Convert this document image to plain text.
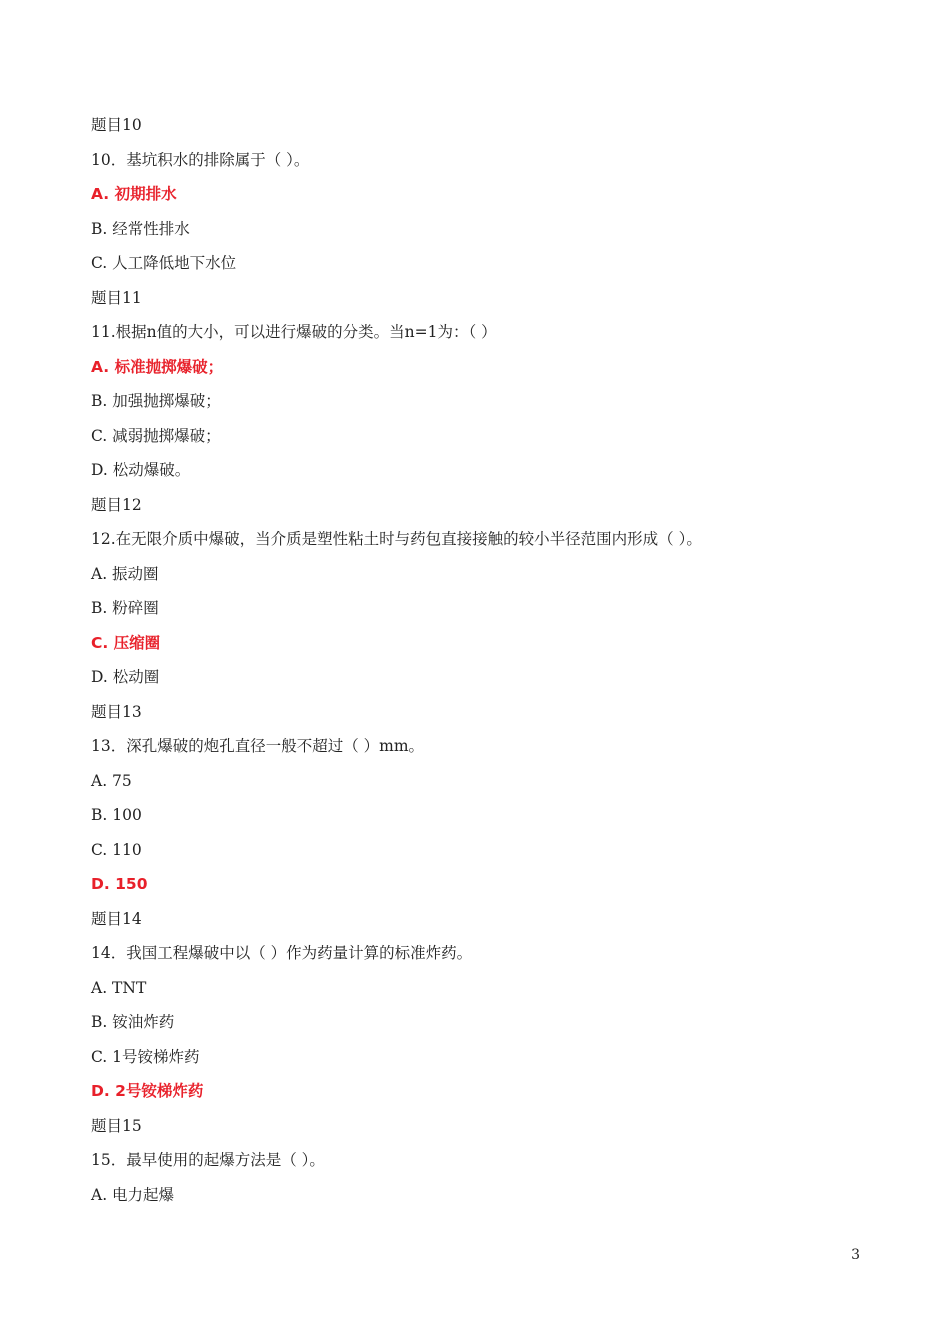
题目10
10．基坑积水的排除属于（ ）。
A. 初期排水
B. 经常性排水
C. 人工降低地下水位
题目11
11.根据n值的大小，可以进行爆破的分类。当n=1为：（ ）
A. 标准抛掷爆破；
B. 加强抛掷爆破；
C. 减弱抛掷爆破；
D. 松动爆破。
题目12
12.在无限介质中爆破，当介质是塑性粘土时与药包直接接触的较小半径范围内形成（ ）。
A. 振动圈
B. 粉碎圈
C. 压缩圈
D. 松动圈
题目13
13．深孔爆破的炮孔直径一般不超过（ ）mm。
A. 75
B. 100
C. 110
D. 150
题目14
14．我国工程爆破中以（ ）作为药量计算的标准炸药。
A. TNT
B. 铵油炸药
C. 1号铵梯炸药
D. 2号铵梯炸药
题目15
15．最早使用的起爆方法是（ ）。
A. 电力起爆
3
